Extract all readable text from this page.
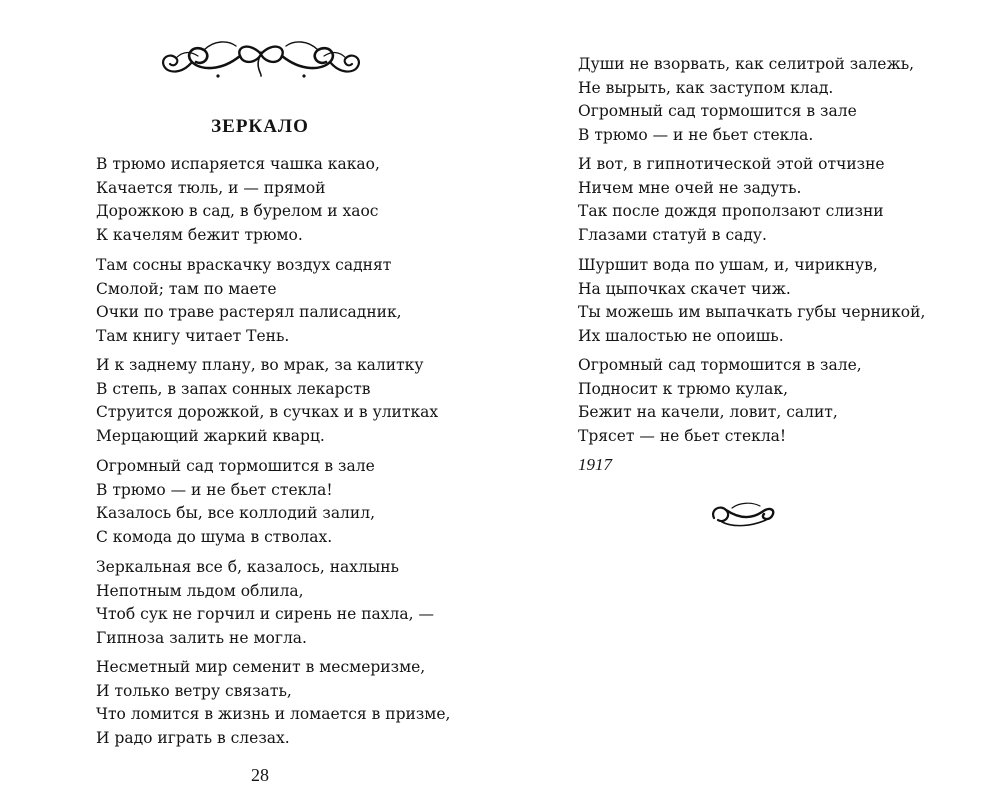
ЗЕРКАЛО
В трюмо испаряется чашка какао,
Качается тюль, и — прямой
Дорожкою в сад, в бурелом и хаос
К качелям бежит трюмо.
Там сосны враскачку воздух саднят
Смолой; там по маете
Очки по траве растерял палисадник,
Там книгу читает Тень.
И к заднему плану, во мрак, за калитку
В степь, в запах сонных лекарств
Струится дорожкой, в сучках и в улитках
Мерцающий жаркий кварц.
Огромный сад тормошится в зале
В трюмо — и не бьет стекла!
Казалось бы, все коллодий залил,
С комода до шума в стволах.
Зеркальная все б, казалось, нахлынь
Непотным льдом облила,
Чтоб сук не горчил и сирень не пахла, —
Гипноза залить не могла.
Несметный мир семенит в месмеризме,
И только ветру связать,
Что ломится в жизнь и ломается в призме,
И радо играть в слезах.
28
Души не взорвать, как селитрой залежь,
Не вырыть, как заступом клад.
Огромный сад тормошится в зале
В трюмо — и не бьет стекла.
И вот, в гипнотической этой отчизне
Ничем мне очей не задуть.
Так после дождя проползают слизни
Глазами статуй в саду.
Шуршит вода по ушам, и, чирикнув,
На цыпочках скачет чиж.
Ты можешь им выпачкать губы черникой,
Их шалостью не опоишь.
Огромный сад тормошится в зале,
Подносит к трюмо кулак,
Бежит на качели, ловит, салит,
Трясет — не бьет стекла!
1917
